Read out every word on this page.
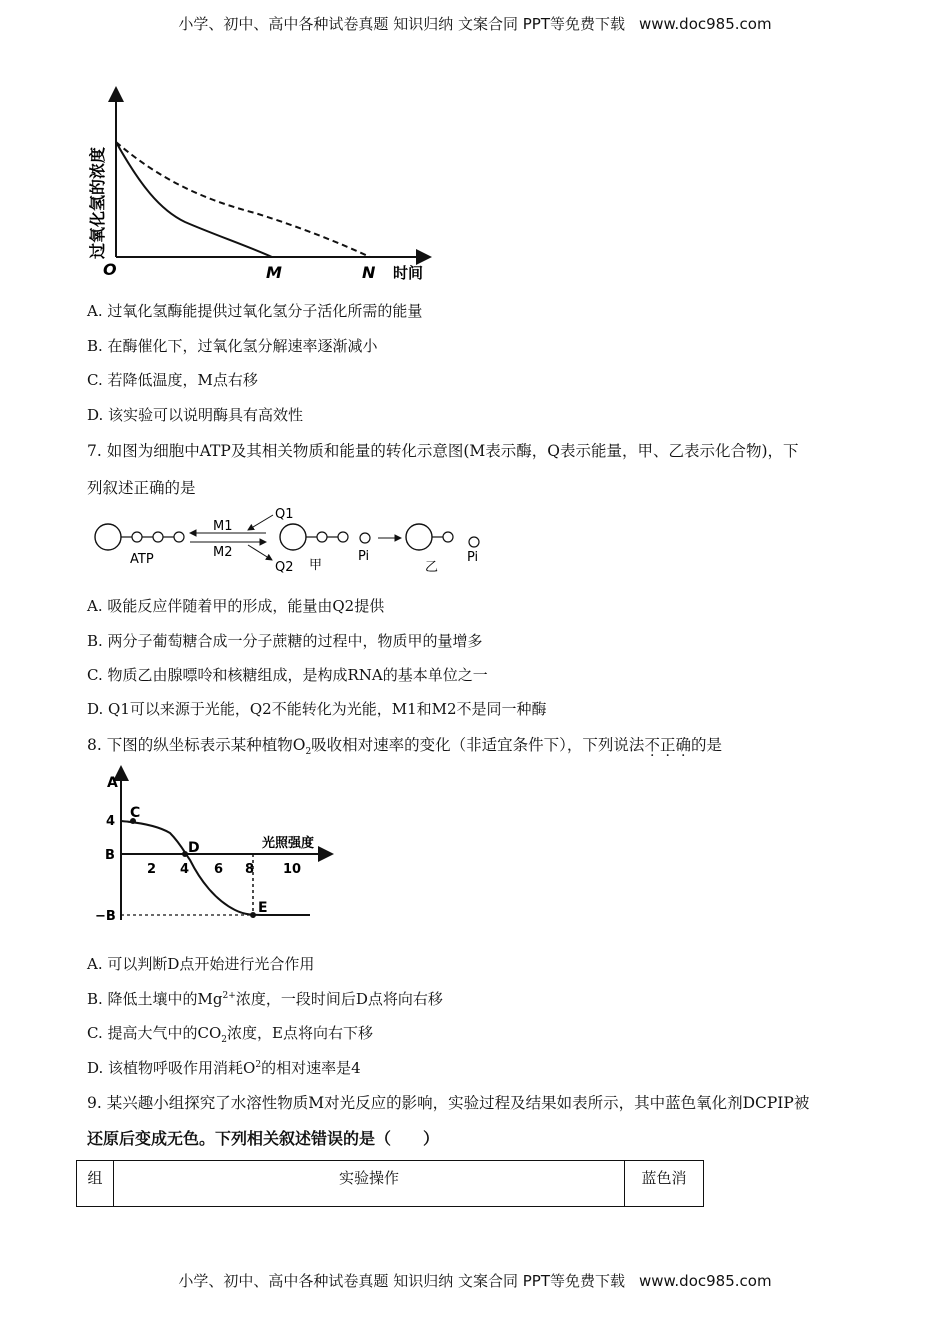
小学、初中、高中各种试卷真题 知识归纳 文案合同 PPT等免费下载 www.doc985.com
过氧化氢的浓度
O	M	N 时间
A. 过氧化氢酶能提供过氧化氢分子活化所需的能量
B. 在酶催化下，过氧化氢分解速率逐渐减小
C. 若降低温度，M点右移
D. 该实验可以说明酶具有高效性
7. 如图为细胞中ATP及其相关物质和能量的转化示意图(M表示酶，Q表示能量，甲、乙表示化合物)，下
列叙述正确的是
ATP
M1
M2
Q1
Q2 甲
Pi
乙
Pi
A. 吸能反应伴随着甲的形成，能量由Q2提供
B. 两分子葡萄糖合成一分子蔗糖的过程中，物质甲的量增多
C. 物质乙由腺嘌呤和核糖组成，是构成RNA的基本单位之一
D. Q1可以来源于光能，Q2不能转化为光能，M1和M2不是同一种酶
8. 下图的纵坐标表示某种植物$O_2$吸收相对速率的变化（非适宜条件下），下列说法不正确的是
A
4
B
−B
C
D
E
光照强度
2 4 6 8 10
A. 可以判断D点开始进行光合作用
B. 降低土壤中的$Mg^{2+}$浓度，一段时间后D点将向右移
C. 提高大气中的$CO_2$浓度，E点将向右下移
D. 该植物呼吸作用消耗$O^2$的相对速率是4
9. 某兴趣小组探究了水溶性物质M对光反应的影响，实验过程及结果如表所示，其中蓝色氧化剂DCPIP被
还原后变成无色。下列相关叙述错误的是（　　）
组	实验操作	蓝色消
小学、初中、高中各种试卷真题 知识归纳 文案合同 PPT等免费下载 www.doc985.com
